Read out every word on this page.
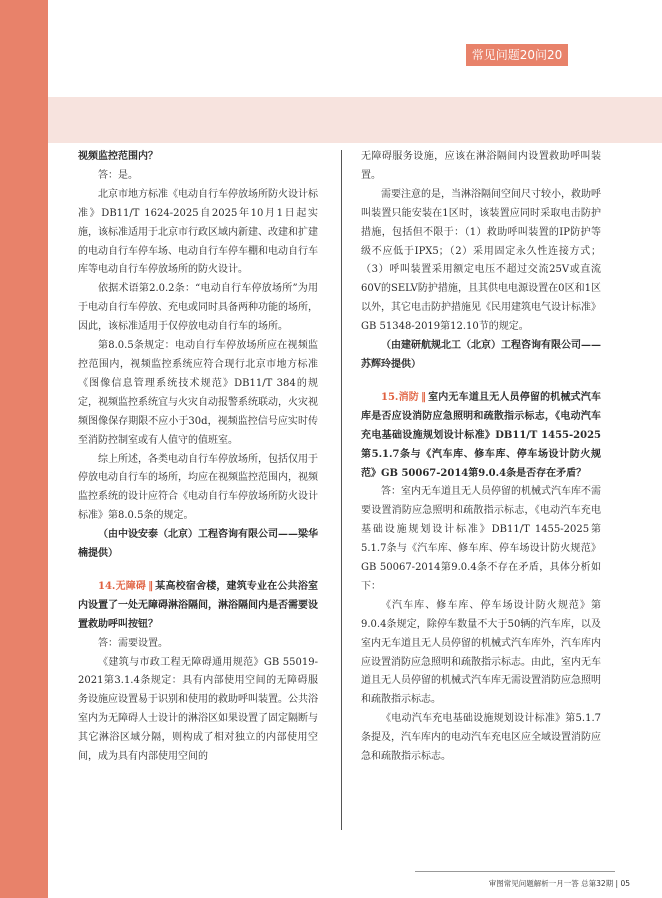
常见问题20问20答

视频监控范围内？

答：是。

北京市地方标准《电动自行车停放场所防火设计标准》DB11/T 1624-2025自2025年10月1日起实施，该标准适用于北京市行政区域内新建、改建和扩建的电动自行车停车场、电动自行车停车棚和电动自行车库等电动自行车停放场所的防火设计。

依据术语第2.0.2条：“电动自行车停放场所”为用于电动自行车停放、充电或同时具备两种功能的场所，因此，该标准适用于仅停放电动自行车的场所。

第8.0.5条规定：电动自行车停放场所应在视频监控范围内，视频监控系统应符合现行北京市地方标准《图像信息管理系统技术规范》DB11/T 384的规定，视频监控系统宜与火灾自动报警系统联动，火灾视频图像保存期限不应小于30d，视频监控信号应实时传至消防控制室或有人值守的值班室。

综上所述，各类电动自行车停放场所，包括仅用于停放电动自行车的场所，均应在视频监控范围内，视频监控系统的设计应符合《电动自行车停放场所防火设计标准》第8.0.5条的规定。

（由中设安泰（北京）工程咨询有限公司——梁华楠提供）

14.无障碍 ‖ 某高校宿舍楼，建筑专业在公共浴室内设置了一处无障碍淋浴隔间，淋浴隔间内是否需要设置救助呼叫按钮？

答：需要设置。

《建筑与市政工程无障碍通用规范》GB 55019-2021第3.1.4条规定：具有内部使用空间的无障碍服务设施应设置易于识别和使用的救助呼叫装置。公共浴室内为无障碍人士设计的淋浴区如果设置了固定隔断与其它淋浴区域分隔，则构成了相对独立的内部使用空间，成为具有内部使用空间的

无障碍服务设施，应该在淋浴隔间内设置救助呼叫装置。

需要注意的是，当淋浴隔间空间尺寸较小，救助呼叫装置只能安装在1区时，该装置应同时采取电击防护措施，包括但不限于：（1）救助呼叫装置的IP防护等级不应低于IPX5；（2）采用固定永久性连接方式；（3）呼叫装置采用额定电压不超过交流25V或直流60V的SELV防护措施，且其供电电源设置在0区和1区以外，其它电击防护措施见《民用建筑电气设计标准》GB 51348-2019第12.10节的规定。

（由建研航规北工（北京）工程咨询有限公司——苏辉玲提供）

15.消防 ‖ 室内无车道且无人员停留的机械式汽车库是否应设消防应急照明和疏散指示标志，《电动汽车充电基础设施规划设计标准》DB11/T 1455-2025第5.1.7条与《汽车库、修车库、停车场设计防火规范》GB 50067-2014第9.0.4条是否存在矛盾？

答：室内无车道且无人员停留的机械式汽车库不需要设置消防应急照明和疏散指示标志，《电动汽车充电基础设施规划设计标准》DB11/T 1455-2025第5.1.7条与《汽车库、修车库、停车场设计防火规范》GB 50067-2014第9.0.4条不存在矛盾，具体分析如下：

《汽车库、修车库、停车场设计防火规范》第9.0.4条规定，除停车数量不大于50辆的汽车库，以及室内无车道且无人员停留的机械式汽车库外，汽车库内应设置消防应急照明和疏散指示标志。由此，室内无车道且无人员停留的机械式汽车库无需设置消防应急照明和疏散指示标志。

《电动汽车充电基础设施规划设计标准》第5.1.7条提及，汽车库内的电动汽车充电区应全域设置消防应急和疏散指示标志。

审图常见问题解析一月一答 总第32期 | 05
